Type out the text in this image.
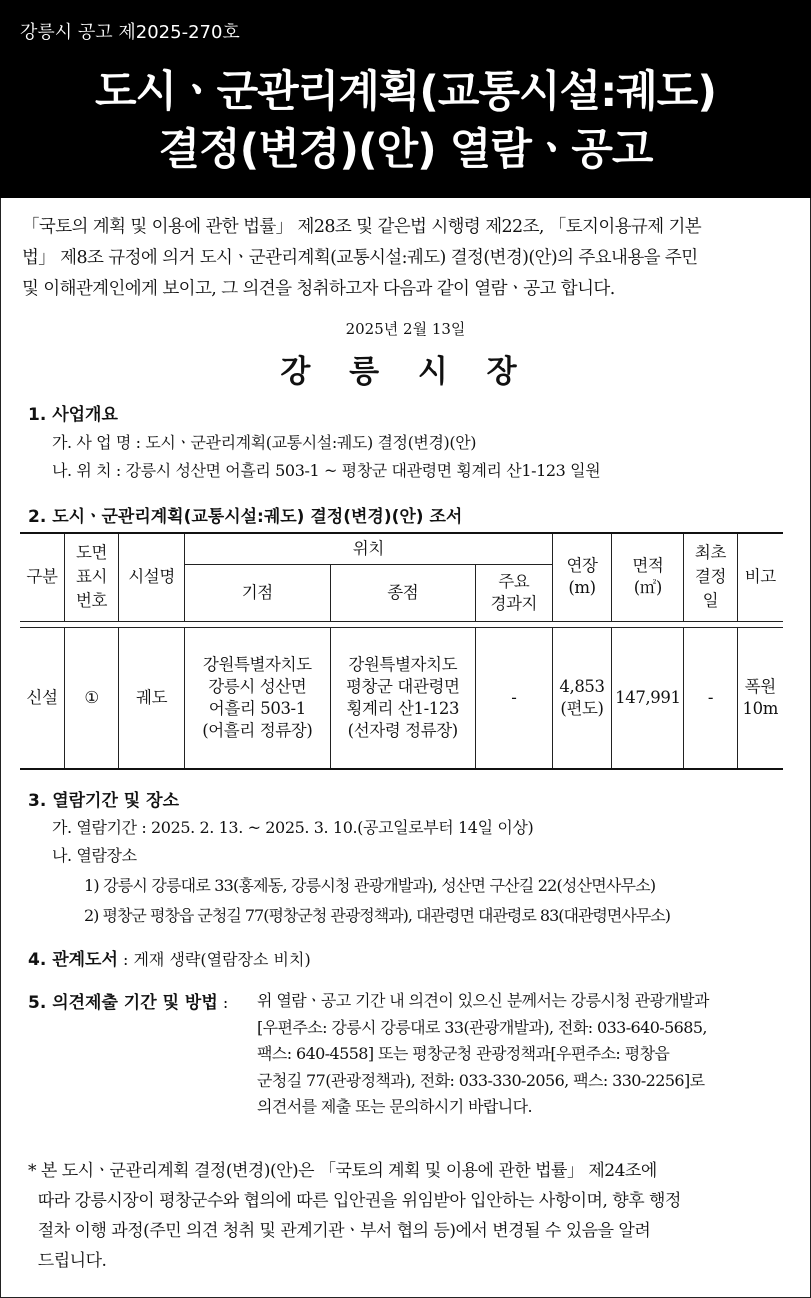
강릉시 공고 제2025-270호
도시ㆍ군관리계획(교통시설:궤도)
결정(변경)(안) 열람ㆍ공고
「국토의 계획 및 이용에 관한 법률」 제28조 및 같은법 시행령 제22조, 「토지이용규제 기본
법」 제8조 규정에 의거 도시ㆍ군관리계획(교통시설:궤도) 결정(변경)(안)의 주요내용을 주민
및 이해관계인에게 보이고, 그 의견을 청취하고자 다음과 같이 열람ㆍ공고 합니다.
2025년 2월 13일
강 릉 시 장
1. 사업개요
가. 사 업 명 : 도시ㆍ군관리계획(교통시설:궤도) 결정(변경)(안)
나. 위 치 : 강릉시 성산면 어흘리 503-1 ~ 평창군 대관령면 횡계리 산1-123 일원
2. 도시ㆍ군관리계획(교통시설:궤도) 결정(변경)(안) 조서
구분	도면
표시
번호	시설명	위치			연장
(m)	면적
(㎡)	최초
결정
일	비고
			기점	종점	주요
경과지				

신설	①	궤도	강원특별자치도
강릉시 성산면
어흘리 503-1
(어흘리 정류장)	강원특별자치도
평창군 대관령면
횡계리 산1-123
(선자령 정류장)	-	4,853
(편도)	147,991	-	폭원
10m
3. 열람기간 및 장소
가. 열람기간 : 2025. 2. 13. ~ 2025. 3. 10.(공고일로부터 14일 이상)
나. 열람장소
1) 강릉시 강릉대로 33(홍제동, 강릉시청 관광개발과), 성산면 구산길 22(성산면사무소)
2) 평창군 평창읍 군청길 77(평창군청 관광정책과), 대관령면 대관령로 83(대관령면사무소)
4. 관계도서 : 게재 생략(열람장소 비치)
5. 의견제출 기간 및 방법 : 위 열람ㆍ공고 기간 내 의견이 있으신 분께서는 강릉시청 관광개발과
[우편주소: 강릉시 강릉대로 33(관광개발과), 전화: 033-640-5685,
팩스: 640-4558] 또는 평창군청 관광정책과[우편주소: 평창읍
군청길 77(관광정책과), 전화: 033-330-2056, 팩스: 330-2256]로
의견서를 제출 또는 문의하시기 바랍니다.
* 본 도시ㆍ군관리계획 결정(변경)(안)은 「국토의 계획 및 이용에 관한 법률」 제24조에
따라 강릉시장이 평창군수와 협의에 따른 입안권을 위임받아 입안하는 사항이며, 향후 행정
절차 이행 과정(주민 의견 청취 및 관계기관ㆍ부서 협의 등)에서 변경될 수 있음을 알려
드립니다.
